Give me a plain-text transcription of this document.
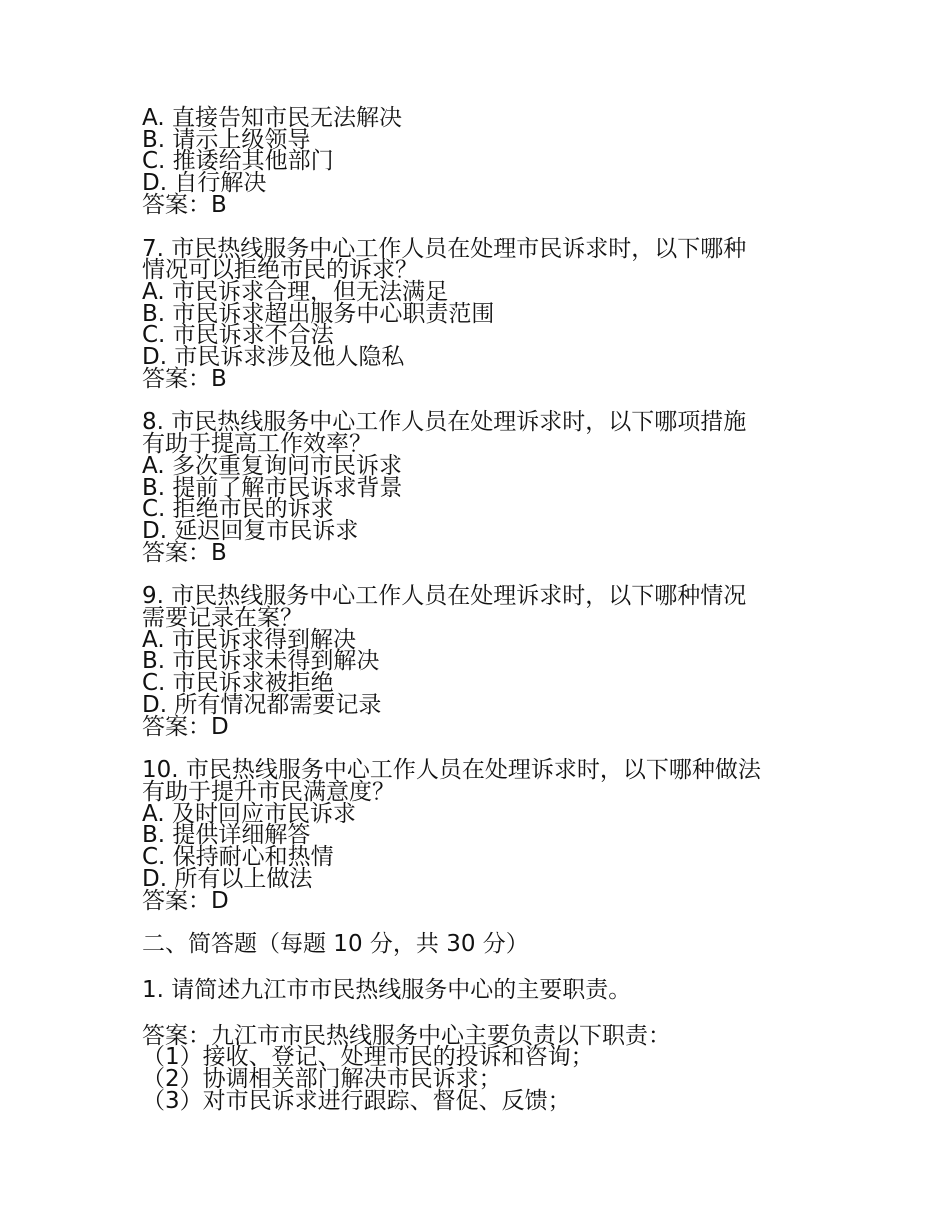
A. 直接告知市民无法解决
B. 请示上级领导
C. 推诿给其他部门
D. 自行解决
答案：B
7. 市民热线服务中心工作人员在处理市民诉求时，以下哪种
情况可以拒绝市民的诉求？
A. 市民诉求合理，但无法满足
B. 市民诉求超出服务中心职责范围
C. 市民诉求不合法
D. 市民诉求涉及他人隐私
答案：B
8. 市民热线服务中心工作人员在处理诉求时，以下哪项措施
有助于提高工作效率？
A. 多次重复询问市民诉求
B. 提前了解市民诉求背景
C. 拒绝市民的诉求
D. 延迟回复市民诉求
答案：B
9. 市民热线服务中心工作人员在处理诉求时，以下哪种情况
需要记录在案？
A. 市民诉求得到解决
B. 市民诉求未得到解决
C. 市民诉求被拒绝
D. 所有情况都需要记录
答案：D
10. 市民热线服务中心工作人员在处理诉求时，以下哪种做法
有助于提升市民满意度？
A. 及时回应市民诉求
B. 提供详细解答
C. 保持耐心和热情
D. 所有以上做法
答案：D
二、简答题（每题 10 分，共 30 分）
1. 请简述九江市市民热线服务中心的主要职责。
答案：九江市市民热线服务中心主要负责以下职责：
（1）接收、登记、处理市民的投诉和咨询；
（2）协调相关部门解决市民诉求；
（3）对市民诉求进行跟踪、督促、反馈；
